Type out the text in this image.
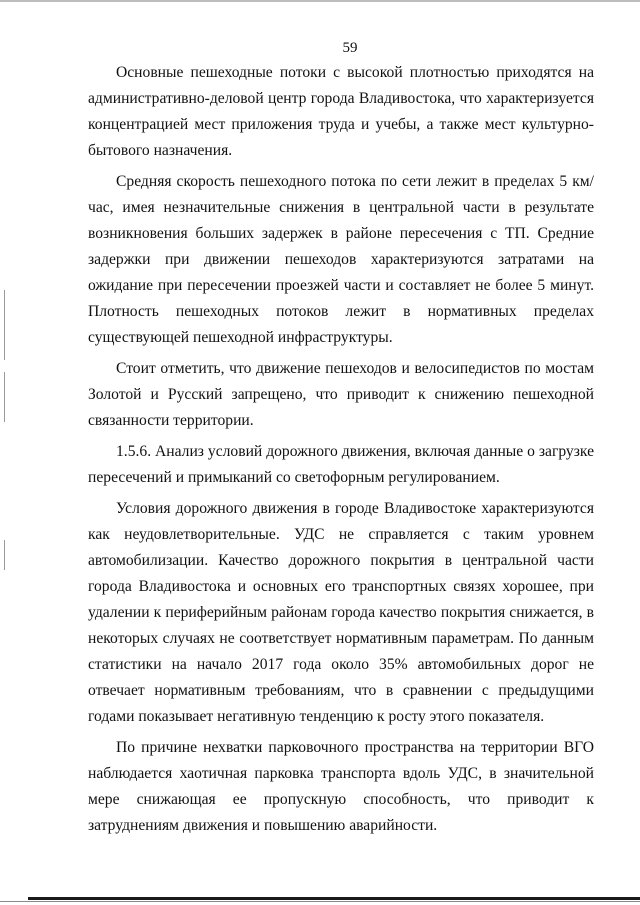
59

Основные пешеходные потоки с высокой плотностью приходятся на административно-деловой центр города Владивостока, что характеризуется концентрацией мест приложения труда и учебы, а также мест культурно-бытового назначения.

Средняя скорость пешеходного потока по сети лежит в пределах 5 км/час, имея незначительные снижения в центральной части в результате возникновения больших задержек в районе пересечения с ТП. Средние задержки при движении пешеходов характеризуются затратами на ожидание при пересечении проезжей части и составляет не более 5 минут. Плотность пешеходных потоков лежит в нормативных пределах существующей пешеходной инфраструктуры.

Стоит отметить, что движение пешеходов и велосипедистов по мостам Золотой и Русский запрещено, что приводит к снижению пешеходной связанности территории.

1.5.6. Анализ условий дорожного движения, включая данные о загрузке пересечений и примыканий со светофорным регулированием.

Условия дорожного движения в городе Владивостоке характеризуются как неудовлетворительные. УДС не справляется с таким уровнем автомобилизации. Качество дорожного покрытия в центральной части города Владивостока и основных его транспортных связях хорошее, при удалении к периферийным районам города качество покрытия снижается, в некоторых случаях не соответствует нормативным параметрам. По данным статистики на начало 2017 года около 35% автомобильных дорог не отвечает нормативным требованиям, что в сравнении с предыдущими годами показывает негативную тенденцию к росту этого показателя.

По причине нехватки парковочного пространства на территории ВГО наблюдается хаотичная парковка транспорта вдоль УДС, в значительной мере снижающая ее пропускную способность, что приводит к затруднениям движения и повышению аварийности.
